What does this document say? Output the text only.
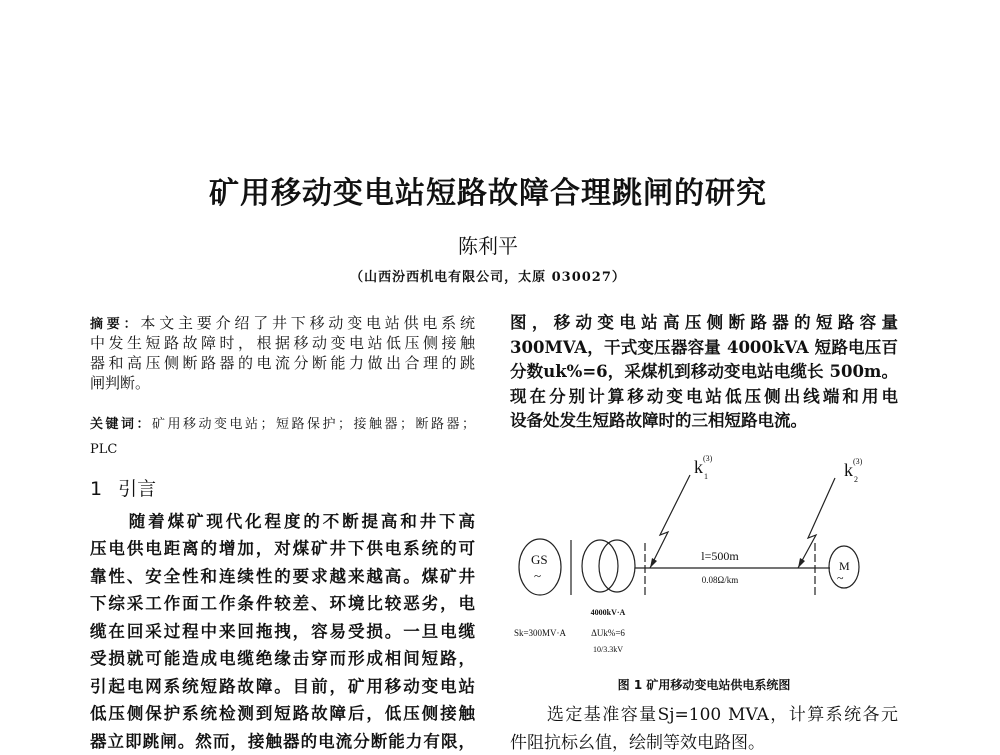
矿用移动变电站短路故障合理跳闸的研究
陈利平
（山西汾西机电有限公司，太原 030027）
摘要：本文主要介绍了井下移动变电站供电系统
中发生短路故障时，根据移动变电站低压侧接触
器和高压侧断路器的电流分断能力做出合理的跳
闸判断。
关键词：矿用移动变电站；短路保护；接触器；断路器；
PLC
1 引言
　　随着煤矿现代化程度的不断提高和井下高
压电供电距离的增加，对煤矿井下供电系统的可
靠性、安全性和连续性的要求越来越高。煤矿井
下综采工作面工作条件较差、环境比较恶劣，电
缆在回采过程中来回拖拽，容易受损。一旦电缆
受损就可能造成电缆绝缘击穿而形成相间短路，
引起电网系统短路故障。目前，矿用移动变电站
低压侧保护系统检测到短路故障后，低压侧接触
器立即跳闸。然而，接触器的电流分断能力有限，
图，移动变电站高压侧断路器的短路容量
300MVA，干式变压器容量 4000kVA 短路电压百
分数uk%=6，采煤机到移动变电站电缆长 500m。
现在分别计算移动变电站低压侧出线端和用电
设备处发生短路故障时的三相短路电流。
GS
~
M
~
k 1
(3)
k 2
(3)
l=500m
0.08Ω/km
4000kV·A
Sk=300MV·A	ΔUk%=6
10/3.3kV
图 1 矿用移动变电站供电系统图
　　选定基准容量Sj=100 MVA，计算系统各元
件阻抗标幺值，绘制等效电路图。
